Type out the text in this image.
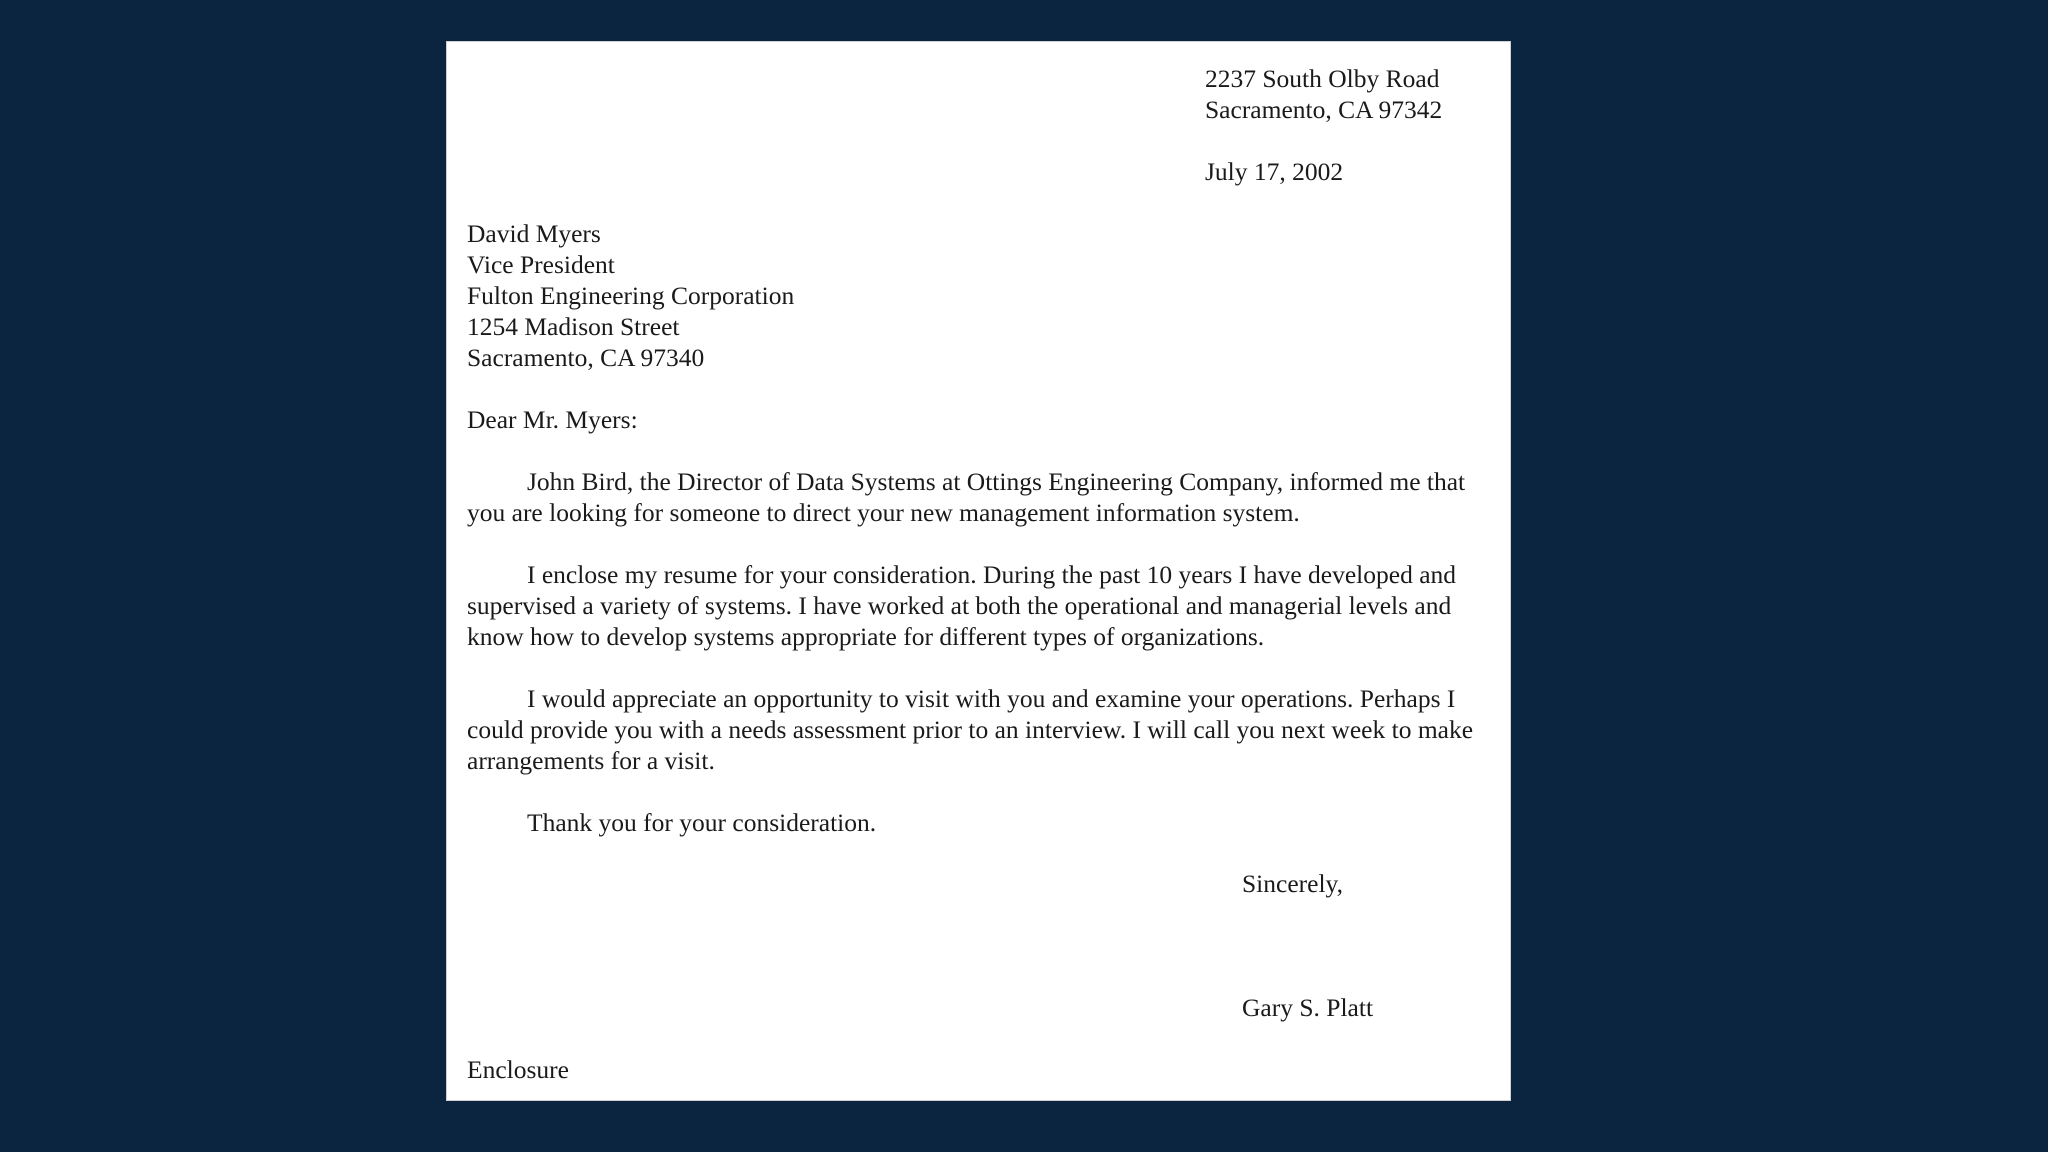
2237 South Olby Road
Sacramento, CA 97342
July 17, 2002
David Myers
Vice President
Fulton Engineering Corporation
1254 Madison Street
Sacramento, CA 97340
Dear Mr. Myers:

John Bird, the Director of Data Systems at Ottings Engineering Company, informed me that you are looking for someone to direct your new management information system.

I enclose my resume for your consideration. During the past 10 years I have developed and supervised a variety of systems. I have worked at both the operational and managerial levels and know how to develop systems appropriate for different types of organizations.

I would appreciate an opportunity to visit with you and examine your operations. Perhaps I could provide you with a needs assessment prior to an interview. I will call you next week to make arrangements for a visit.

Thank you for your consideration.

Sincerely,
Gary S. Platt
Enclosure
